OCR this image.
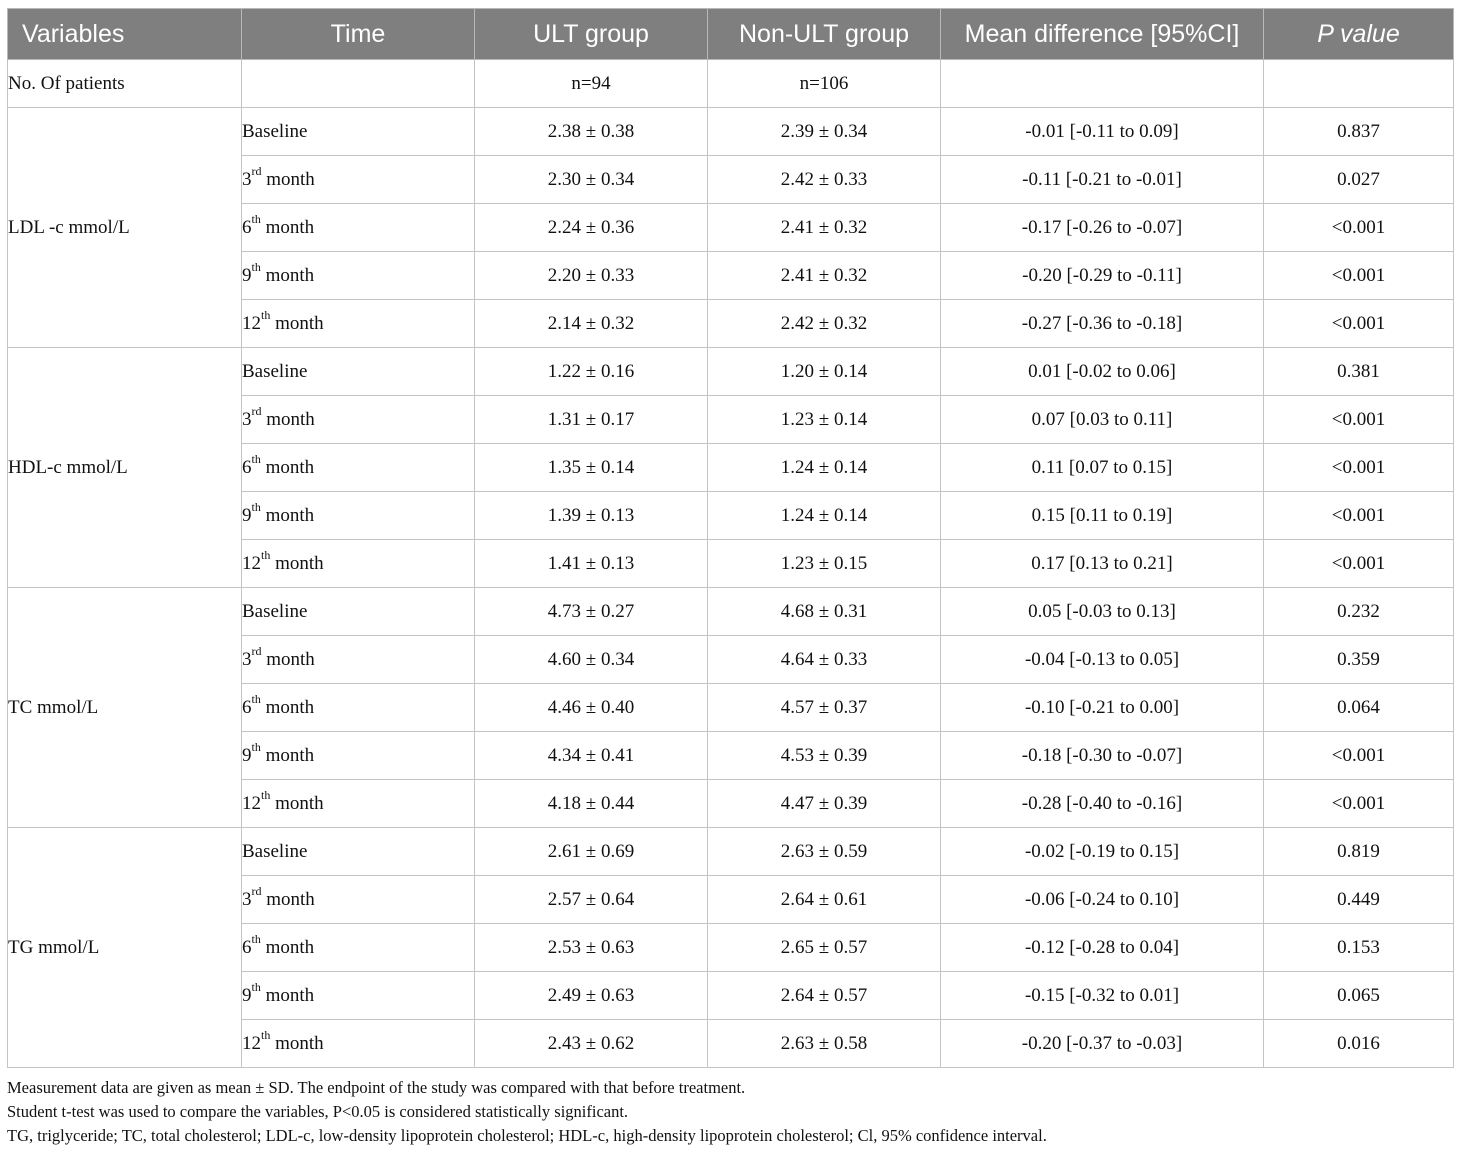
Variables	Time	ULT group	Non-ULT group	Mean difference [95%CI]	P value
No. Of patients		n=94	n=106		
LDL -c mmol/L	Baseline	2.38 ± 0.38	2.39 ± 0.34	-0.01 [-0.11 to 0.09]	0.837
	3rd month	2.30 ± 0.34	2.42 ± 0.33	-0.11 [-0.21 to -0.01]	0.027
	6th month	2.24 ± 0.36	2.41 ± 0.32	-0.17 [-0.26 to -0.07]	<0.001
	9th month	2.20 ± 0.33	2.41 ± 0.32	-0.20 [-0.29 to -0.11]	<0.001
	12th month	2.14 ± 0.32	2.42 ± 0.32	-0.27 [-0.36 to -0.18]	<0.001
HDL-c mmol/L	Baseline	1.22 ± 0.16	1.20 ± 0.14	0.01 [-0.02 to 0.06]	0.381
	3rd month	1.31 ± 0.17	1.23 ± 0.14	0.07 [0.03 to 0.11]	<0.001
	6th month	1.35 ± 0.14	1.24 ± 0.14	0.11 [0.07 to 0.15]	<0.001
	9th month	1.39 ± 0.13	1.24 ± 0.14	0.15 [0.11 to 0.19]	<0.001
	12th month	1.41 ± 0.13	1.23 ± 0.15	0.17 [0.13 to 0.21]	<0.001
TC mmol/L	Baseline	4.73 ± 0.27	4.68 ± 0.31	0.05 [-0.03 to 0.13]	0.232
	3rd month	4.60 ± 0.34	4.64 ± 0.33	-0.04 [-0.13 to 0.05]	0.359
	6th month	4.46 ± 0.40	4.57 ± 0.37	-0.10 [-0.21 to 0.00]	0.064
	9th month	4.34 ± 0.41	4.53 ± 0.39	-0.18 [-0.30 to -0.07]	<0.001
	12th month	4.18 ± 0.44	4.47 ± 0.39	-0.28 [-0.40 to -0.16]	<0.001
TG mmol/L	Baseline	2.61 ± 0.69	2.63 ± 0.59	-0.02 [-0.19 to 0.15]	0.819
	3rd month	2.57 ± 0.64	2.64 ± 0.61	-0.06 [-0.24 to 0.10]	0.449
	6th month	2.53 ± 0.63	2.65 ± 0.57	-0.12 [-0.28 to 0.04]	0.153
	9th month	2.49 ± 0.63	2.64 ± 0.57	-0.15 [-0.32 to 0.01]	0.065
	12th month	2.43 ± 0.62	2.63 ± 0.58	-0.20 [-0.37 to -0.03]	0.016
Measurement data are given as mean ± SD. The endpoint of the study was compared with that before treatment.
Student t-test was used to compare the variables, P<0.05 is considered statistically significant.
TG, triglyceride; TC, total cholesterol; LDL-c, low-density lipoprotein cholesterol; HDL-c, high-density lipoprotein cholesterol; Cl, 95% confidence interval.
